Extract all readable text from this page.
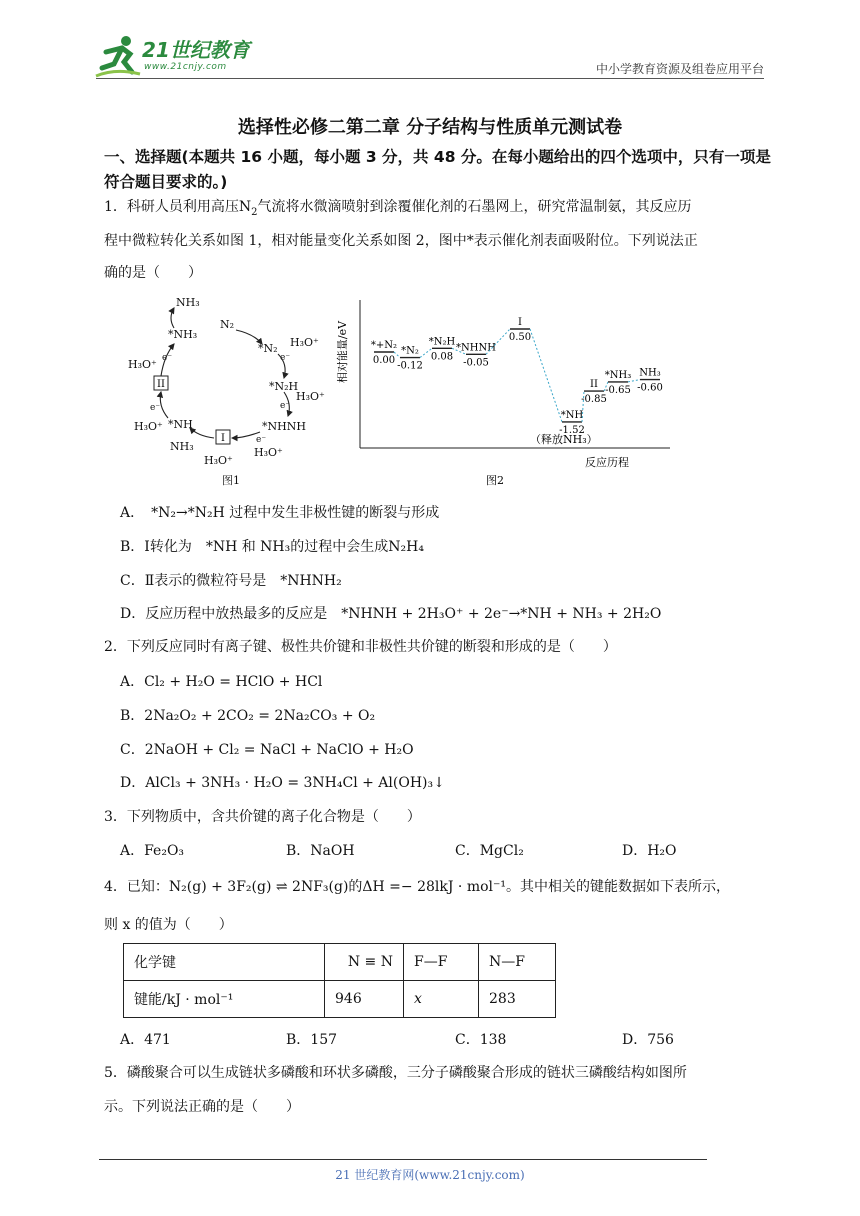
21世纪教育
www.21cnjy.com	中小学教育资源及组卷应用平台
选择性必修二第二章 分子结构与性质单元测试卷
一、选择题(本题共 16 小题，每小题 3 分，共 48 分。在每小题给出的四个选项中，只有一项是符合题目要求的。)
1．科研人员利用高压$N_2$气流将水微滴喷射到涂覆催化剂的石墨网上，研究常温制氨，其反应历
程中微粒转化关系如图 1，相对能量变化关系如图 2，图中*表示催化剂表面吸附位。下列说法正
确的是（　　）
NH₃
*NH₃
N₂
*N₂ H₃O⁺
e⁻
*N₂H
H₃O⁺
e⁻
*NHNH
e⁻
H₃O⁺
H₃O⁺ e⁻
e⁻
H₃O⁺ *NH
NH₃
H₃O⁺
图1
II
I
相对能量/eV
反应历程
图2
（释放NH₃）
*+N₂
0.00
*N₂
-0.12
*N₂H
0.08
*NHNH
-0.05
I
0.50
*NH
-1.52
II
-0.85
*NH₃
-0.65
NH₃
-0.60
A．　*N₂→*N₂H 过程中发生非极性键的断裂与形成
B．Ⅰ转化为　*NH 和 NH₃的过程中会生成N₂H₄
C．Ⅱ表示的微粒符号是　*NHNH₂
D．反应历程中放热最多的反应是　*NHNH + 2H₃O⁺ + 2e⁻→*NH + NH₃ + 2H₂O
2．下列反应同时有离子键、极性共价键和非极性共价键的断裂和形成的是（　　）
A．Cl₂ + H₂O = HClO + HCl
B．2Na₂O₂ + 2CO₂ = 2Na₂CO₃ + O₂
C．2NaOH + Cl₂ = NaCl + NaClO + H₂O
D．AlCl₃ + 3NH₃ · H₂O = 3NH₄Cl + Al(OH)₃↓
3．下列物质中，含共价键的离子化合物是（　　）
A．Fe₂O₃	B．NaOH	C．MgCl₂	D．H₂O
4．已知：N₂(g) + 3F₂(g) ⇌ 2NF₃(g)的ΔH =− 28lkJ · mol⁻¹。其中相关的键能数据如下表所示，
则 x 的值为（　　）
化学键	N ≡ N	F—F	N—F
键能/kJ · mol⁻¹	946	x	283
A．471	B．157	C．138	D．756
5．磷酸聚合可以生成链状多磷酸和环状多磷酸，三分子磷酸聚合形成的链状三磷酸结构如图所
示。下列说法正确的是（　　）
21 世纪教育网(www.21cnjy.com)
